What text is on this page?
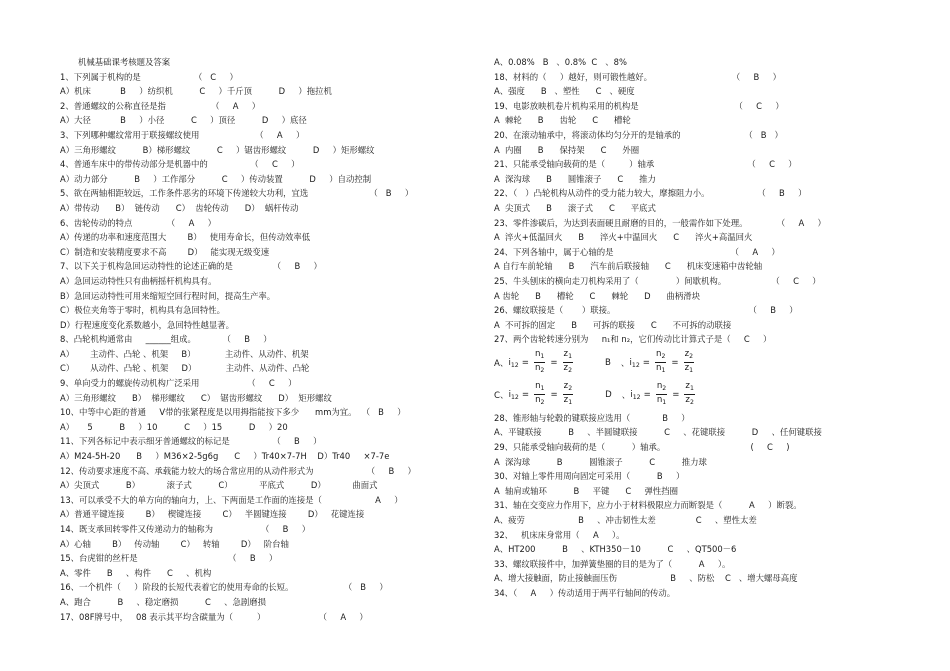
机械基础课考核题及答案
1、下列属于机构的是                    （   C     ）
A）机床           B     ）纺织机          C     ）千斤顶          D     ）拖拉机
2、普通螺纹的公称直径是指                 （     A     ）
A）大径           B     ）小径          C     ）顶径          D     ）底径
3、下列哪种螺纹常用于联接螺纹使用                     （     A     ）
A）三角形螺纹          B）梯形螺纹          C     ）锯齿形螺纹          D     ）矩形螺纹
4、普通车床中的带传动部分是机器中的                （     C     ）
A）动力部分          B     ）工作部分          C     ）传动装置          D     ）自动控制
5、欲在两轴相距较远，工作条件恶劣的环境下传递较大功利，宜选                       （   B     ）
A）带传动      B）  链传动      C）  齿轮传动      D）  蜗杆传动
6、齿轮传动的特点             （     A     ）
A）传递的功率和速度范围大        B）   使用寿命长，但传动效率低
C）制造和安装精度要求不高        D）   能实现无级变速
7、以下关于机构急回运动特性的论述正确的是               （     B     ）
A）急回运动特性只有曲柄摇杆机构具有。
B）急回运动特性可用来缩短空回行程时间，提高生产率。
C）极位夹角等于零时，机构具有急回特性。
D）行程速度变化系数越小，急回特性越显著。
8、凸轮机构通常由     ______组成。          （     B     ）
A）      主动件、凸轮 、机架     B）           主动件、从动件、机架
C）      从动件、凸轮 、机架     D）           主动件、从动件、凸轮
9、单向受力的螺旋传动机构广泛采用                  （     C     ）
A）三角形螺纹      B）  梯形螺纹      C）  锯齿形螺纹      D）  矩形螺纹
10、中等中心距的普通     V带的张紧程度是以用拇指能按下多少      mm为宜。  （   B     ）
A）     5          B     ）10          C     ）15          D     ）20
11、下列各标记中表示细牙普通螺纹的标记是                （     B     ）
A）M24-5H-20      B     ）M36×2-5g6g      C     ）Tr40×7-7H    D）Tr40     ×7-7e
12、传动要求速度不高、承载能力较大的场合常应用的从动件形式为                    （     B     ）
A）尖顶式          B）          滚子式          C）          平底式          D）          曲面式
13、可以承受不大的单方向的轴向力，上、下两面是工作面的连接是（                    A     ）
A）普通平键连接        B）   楔键连接        C）   半圆键连接        D）   花键连接
14、既支承回转零件又传递动力的轴称为                  （     B     ）
A）心轴        B）   传动轴        C）   转轴        D）   阶台轴
15、台虎钳的丝杆是                                  （     B     ）
A、零件      B     、构件      C     、机构
16、一个机件（     ）阶段的长短代表着它的使用寿命的长短。                   （   B     ）
A、跑合          B     、稳定磨损          C     、急剧磨损
17、08F牌号中，   08 表示其平均含碳量为（         ）                    （     A     ）
A、0.08%   B   、0.8%  C   、8%
18、材料的（     ）越好，则可锻性越好。                              （     B     ）
A、强度      B   、塑性      C   、硬度
19、电影放映机卷片机构采用的机构是                                    （     C     ）
A  棘轮      B      齿轮      C      槽轮
20、在滚动轴承中，将滚动体均匀分开的是轴承的                        （   B   ）
A  内圈      B      保持架      C      外圈
21、只能承受轴向载荷的是（         ）轴承                                   （     C     ）
A  深沟球      B      圆锥滚子      C      推力
22、（   ）凸轮机构从动件的受力能力较大，摩擦阻力小。                  （     B     ）
A  尖顶式      B      滚子式      C      平底式
23、零件渗碳后，为达到表面硬且耐磨的目的，一般需作如下处理。           （     A     ）
A  淬火+低温回火      B      淬火+中温回火      C      淬火+高温回火
24、下列各轴中，属于心轴的是                                            （     A     ）
A 自行车前轮轴      B      汽车前后联接轴      C      机床变速箱中齿轮轴
25、牛头刨床的横向走刀机构采用了（              ）间歇机构。                 （     C     ）
A 齿轮      B      槽轮      C      棘轮      D      曲柄滑块
26、螺纹联接是（       ）联接。                                                  （     B     ）
A  不可拆的固定      B      可拆的联接      C      不可拆的动联接
27、两个齿轮转速分别为     n₁和 n₂，它们传动比计算式子是（     C     ）
A、 $i_{12} = \frac{n_1}{n_2} = \frac{z_1}{z_2}$	B 、 $i_{12} = \frac{n_2}{n_1} = \frac{z_2}{z_1}$
C、 $i_{12} = \frac{n_1}{n_2} = \frac{z_2}{z_1}$	D 、 $i_{12} = \frac{n_2}{n_1} = \frac{z_1}{z_2}$
28、锥形轴与轮毂的键联接应选用（            B     ）
A、平键联接          B     、半圆键联接          C     、花键联接          D     、任何键联接
29、只能承受轴向载荷的是（          ）轴承。                                (     C     )
A  深沟球          B          圆锥滚子          C          推力球
30、对轴上零件用周向固定可采用（          B     ）
A  轴肩或轴环          B     平键      C     弹性挡圈
31、轴在交变应力作用下，应力小于材料极限应力而断裂是（          A     ）断裂。
A、疲劳                    B     、冲击韧性太差               C     、塑性太差
32、   机床床身常用（     A     ）。
A、HT200          B     、KTH350－10          C     、QT500－6
33、螺纹联接件中，加弹簧垫圈的目的是为了（          A     ）。
A、增大接触面，防止接触面压伤                    B     、防松    C   、增大螺母高度
34、（     A     ）传动适用于两平行轴间的传动。
